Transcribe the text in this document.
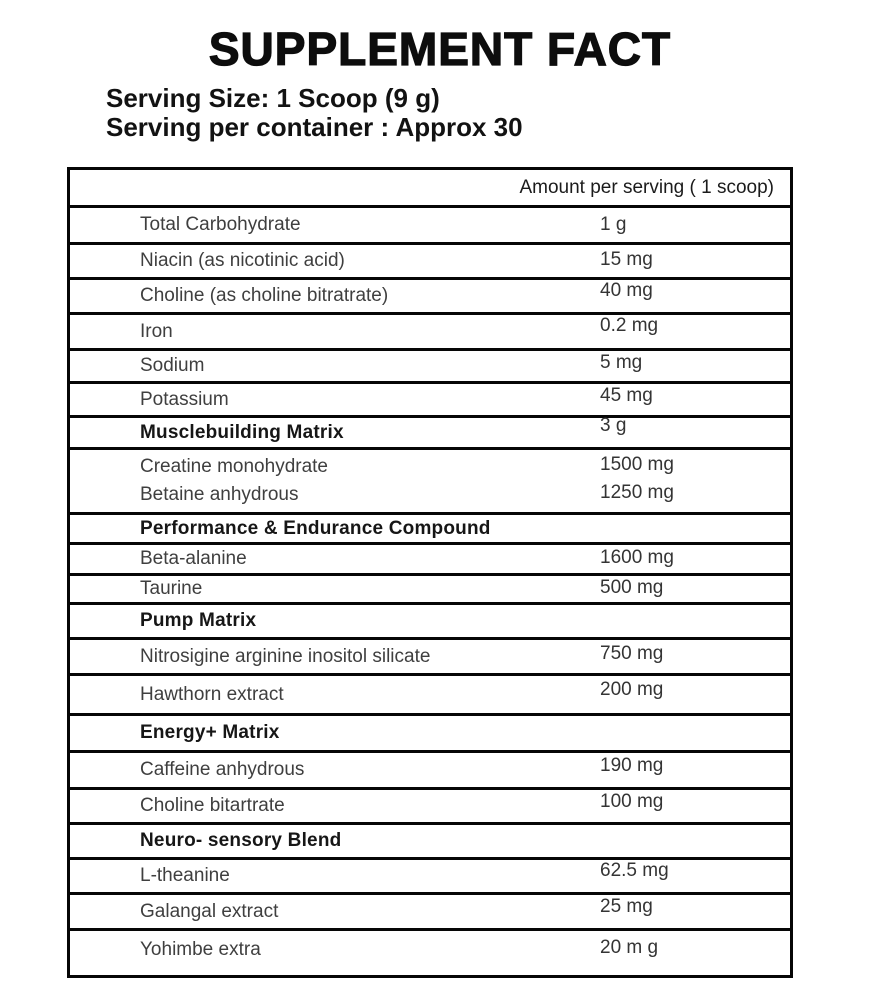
SUPPLEMENT FACT
Serving Size: 1 Scoop (9 g)
Serving per container : Approx 30
Amount per serving ( 1 scoop)
Total Carbohydrate	1 g
Niacin (as nicotinic acid)	15 mg
Choline (as choline bitratrate)	40 mg
Iron	0.2 mg
Sodium	5 mg
Potassium	45 mg
Musclebuilding Matrix	3 g
Creatine monohydrate	1500 mg
Betaine anhydrous	1250 mg
Performance & Endurance Compound
Beta-alanine	1600 mg
Taurine	500 mg
Pump Matrix
Nitrosigine arginine inositol silicate	750 mg
Hawthorn extract	200 mg
Energy+ Matrix
Caffeine anhydrous	190 mg
Choline bitartrate	100 mg
Neuro- sensory Blend
L-theanine	62.5 mg
Galangal extract	25 mg
Yohimbe extra	20 m g
